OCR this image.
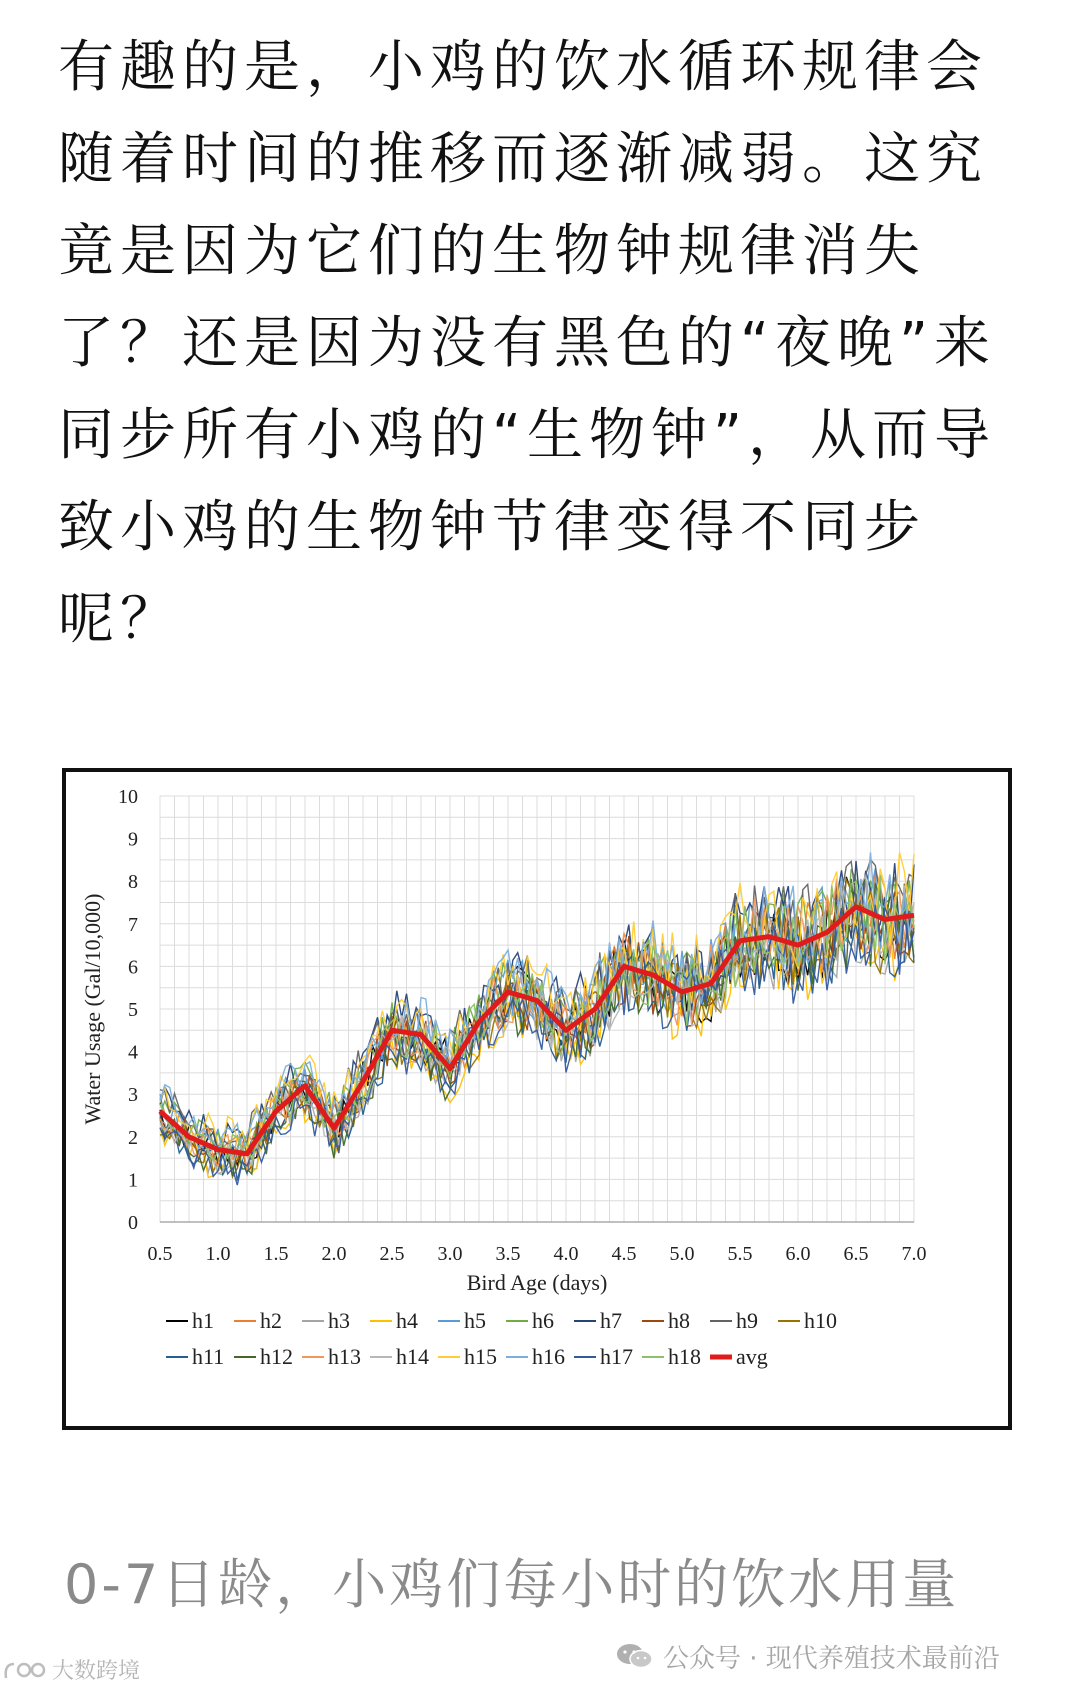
有趣的是，小鸡的饮水循环规律会随着时间的推移而逐渐减弱。这究竟是因为它们的生物钟规律消失了？还是因为没有黑色的“夜晚”来同步所有小鸡的“生物钟”，从而导致小鸡的生物钟节律变得不同步呢？

0.5 1.0 1.5 2.0 2.5 3.0 3.5 4.0 4.5 5.0 5.5 6.0 6.5 7.0
0
1
2
3
4
5
6
7
8
9
10
Bird Age (days)
Water Usage (Gal/10,000)
h1 h2 h3 h4 h5 h6 h7 h8 h9 h10
h11 h12 h13 h14 h15 h16 h17 h18 avg

0-7日龄，小鸡们每小时的饮水用量

公众号 · 现代养殖技术最前沿
大数跨境
